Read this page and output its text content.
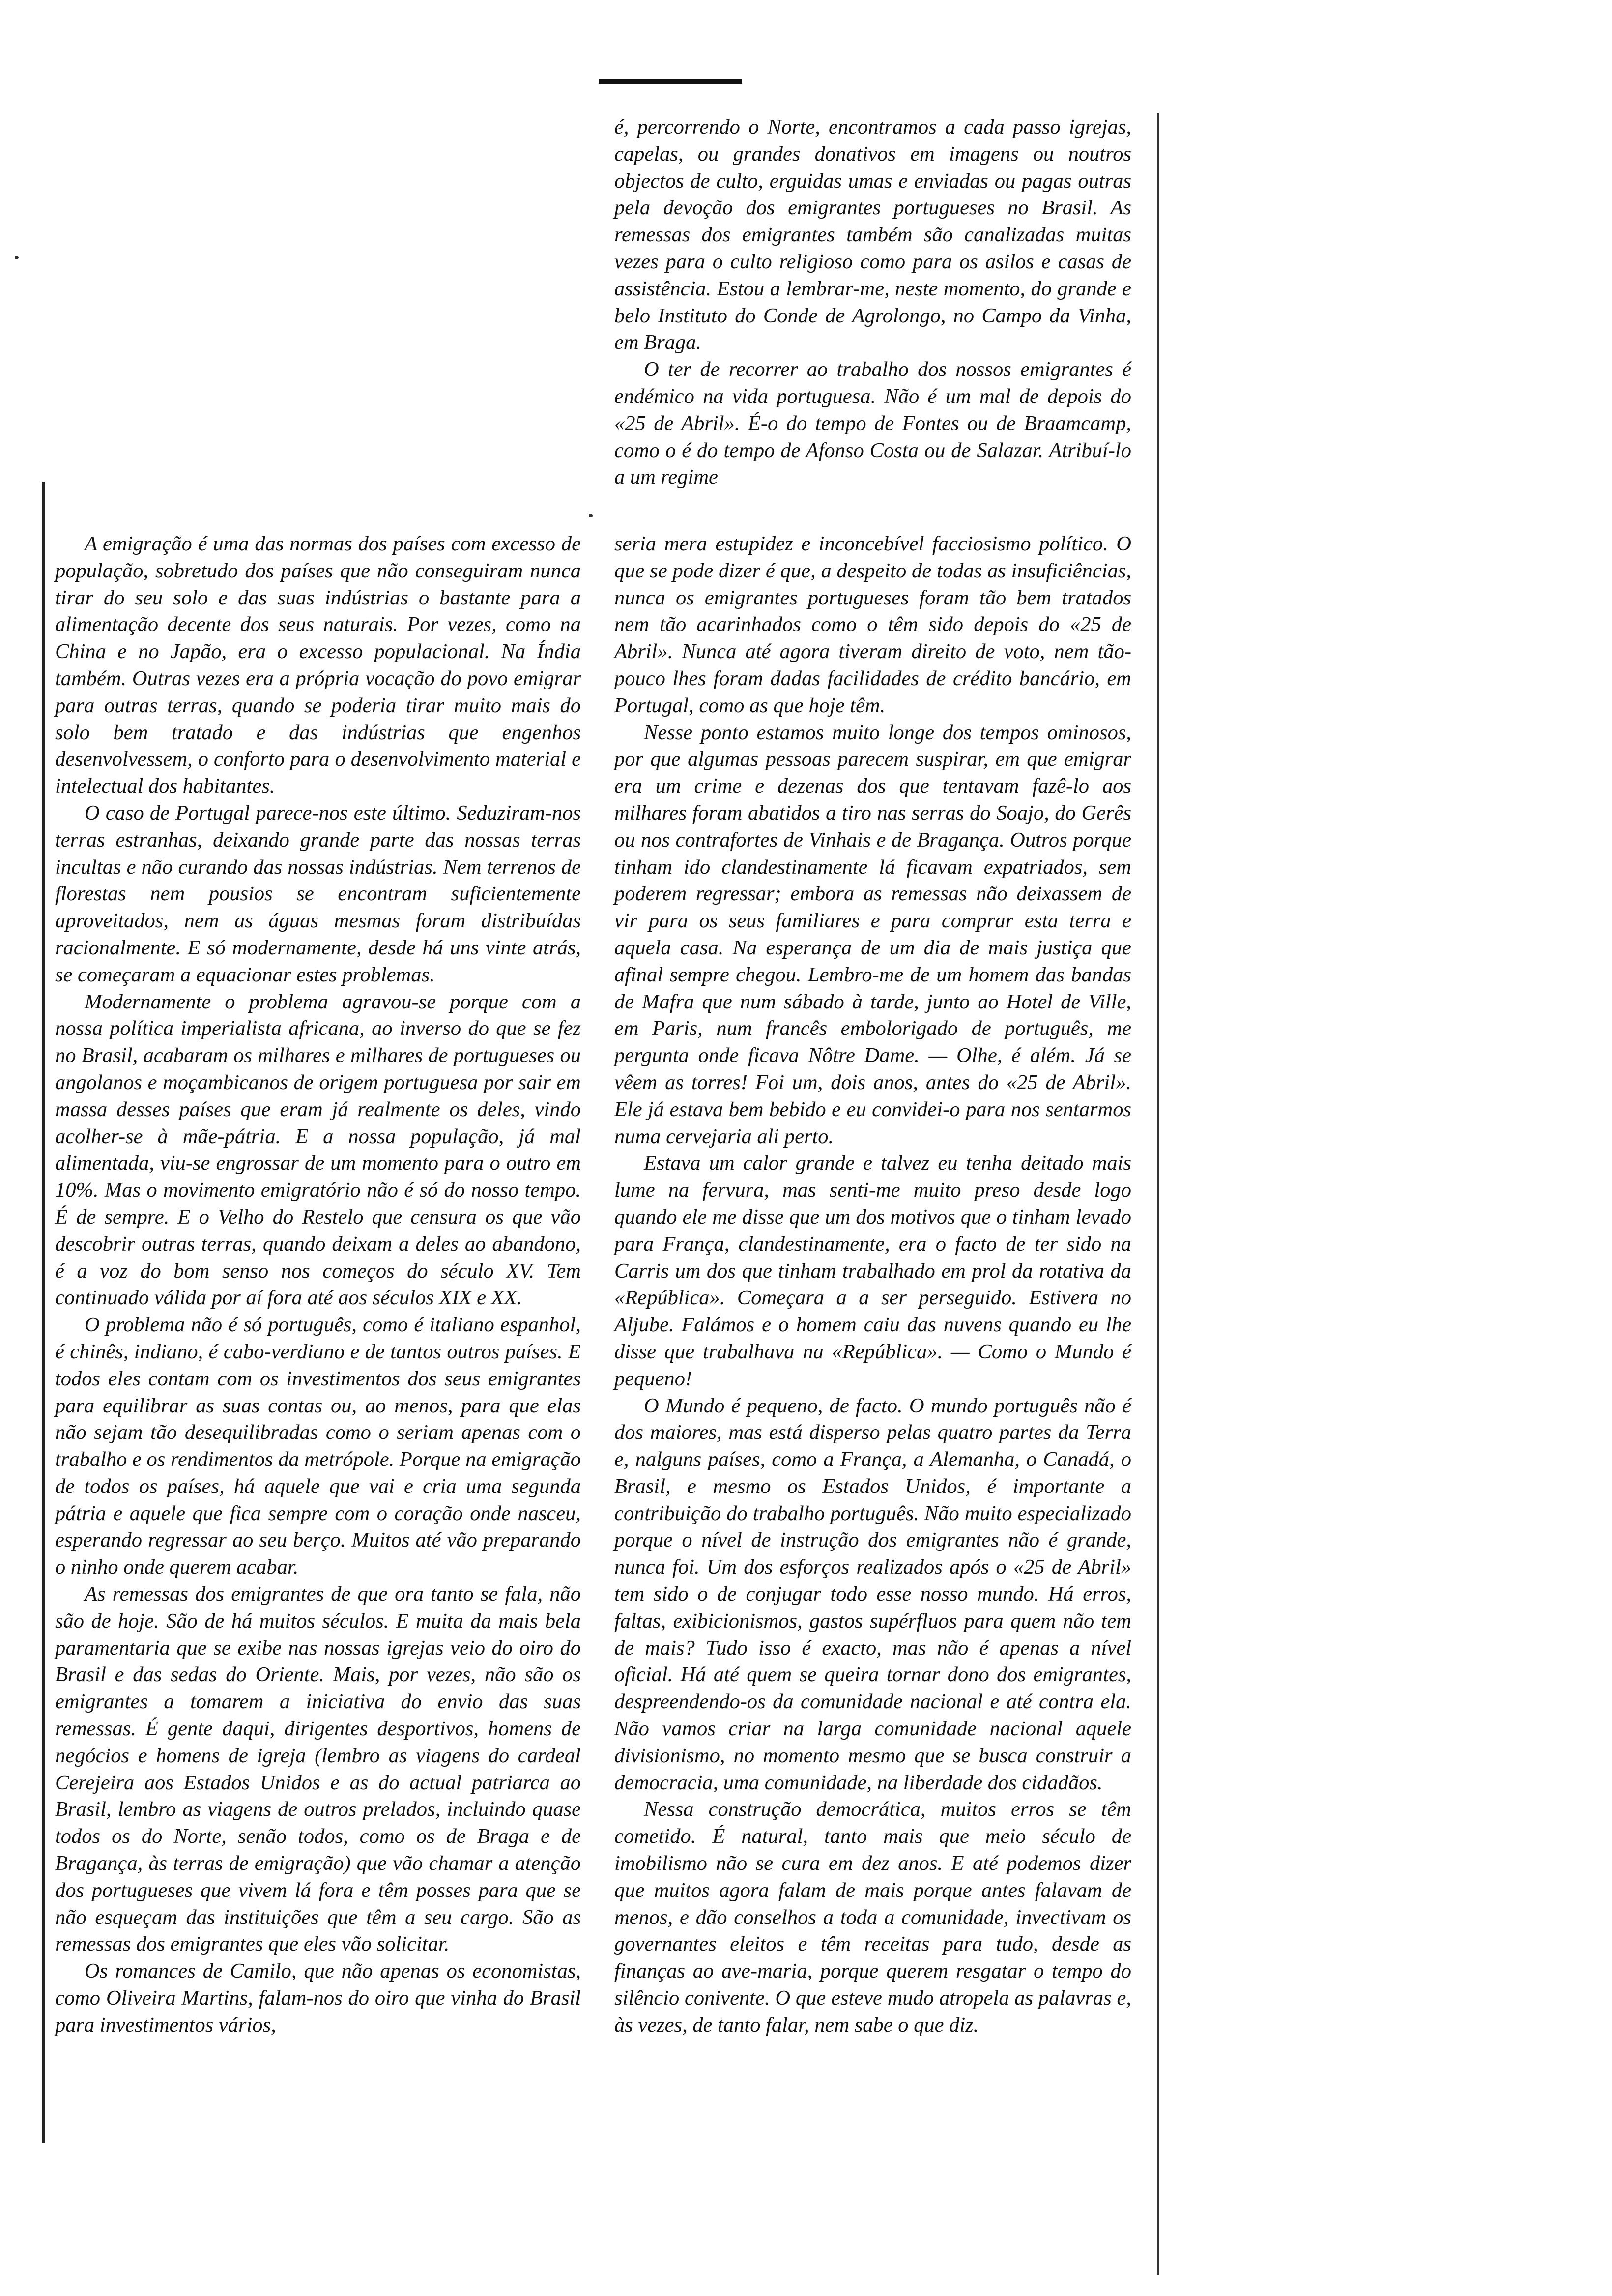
é, percorrendo o Norte, encontramos a cada passo igrejas, capelas, ou grandes donativos em imagens ou noutros objectos de culto, erguidas umas e enviadas ou pagas outras pela devoção dos emigrantes portugueses no Brasil. As remessas dos emigrantes também são canalizadas muitas vezes para o culto religioso como para os asilos e casas de assistência. Estou a lembrar-me, neste momento, do grande e belo Instituto do Conde de Agrolongo, no Campo da Vinha, em Braga.

O ter de recorrer ao trabalho dos nossos emigrantes é endémico na vida portuguesa. Não é um mal de depois do «25 de Abril». É-o do tempo de Fontes ou de Braamcamp, como o é do tempo de Afonso Costa ou de Salazar. Atribuí-lo a um regime

A emigração é uma das normas dos países com excesso de população, sobretudo dos países que não conseguiram nunca tirar do seu solo e das suas indústrias o bastante para a alimentação decente dos seus naturais. Por vezes, como na China e no Japão, era o excesso populacional. Na Índia também. Outras vezes era a própria vocação do povo emigrar para outras terras, quando se poderia tirar muito mais do solo bem tratado e das indústrias que engenhos desenvolvessem, o conforto para o desenvolvimento material e intelectual dos habitantes.

O caso de Portugal parece-nos este último. Seduziram-nos terras estranhas, deixando grande parte das nossas terras incultas e não curando das nossas indústrias. Nem terrenos de florestas nem pousios se encontram suficientemente aproveitados, nem as águas mesmas foram distribuídas racionalmente. E só modernamente, desde há uns vinte atrás, se começaram a equacionar estes problemas.

Modernamente o problema agravou-se porque com a nossa política imperialista africana, ao inverso do que se fez no Brasil, acabaram os milhares e milhares de portugueses ou angolanos e moçambicanos de origem portuguesa por sair em massa desses países que eram já realmente os deles, vindo acolher-se à mãe-pátria. E a nossa população, já mal alimentada, viu-se engrossar de um momento para o outro em 10%. Mas o movimento emigratório não é só do nosso tempo. É de sempre. E o Velho do Restelo que censura os que vão descobrir outras terras, quando deixam a deles ao abandono, é a voz do bom senso nos começos do século XV. Tem continuado válida por aí fora até aos séculos XIX e XX.

O problema não é só português, como é italiano espanhol, é chinês, indiano, é cabo-verdiano e de tantos outros países. E todos eles contam com os investimentos dos seus emigrantes para equilibrar as suas contas ou, ao menos, para que elas não sejam tão desequilibradas como o seriam apenas com o trabalho e os rendimentos da metrópole. Porque na emigração de todos os países, há aquele que vai e cria uma segunda pátria e aquele que fica sempre com o coração onde nasceu, esperando regressar ao seu berço. Muitos até vão preparando o ninho onde querem acabar.

As remessas dos emigrantes de que ora tanto se fala, não são de hoje. São de há muitos séculos. E muita da mais bela paramentaria que se exibe nas nossas igrejas veio do oiro do Brasil e das sedas do Oriente. Mais, por vezes, não são os emigrantes a tomarem a iniciativa do envio das suas remessas. É gente daqui, dirigentes desportivos, homens de negócios e homens de igreja (lembro as viagens do cardeal Cerejeira aos Estados Unidos e as do actual patriarca ao Brasil, lembro as viagens de outros prelados, incluindo quase todos os do Norte, senão todos, como os de Braga e de Bragança, às terras de emigração) que vão chamar a atenção dos portugueses que vivem lá fora e têm posses para que se não esqueçam das instituições que têm a seu cargo. São as remessas dos emigrantes que eles vão solicitar.

Os romances de Camilo, que não apenas os economistas, como Oliveira Martins, falam-nos do oiro que vinha do Brasil para investimentos vários,

seria mera estupidez e inconcebível facciosismo político. O que se pode dizer é que, a despeito de todas as insuficiências, nunca os emigrantes portugueses foram tão bem tratados nem tão acarinhados como o têm sido depois do «25 de Abril». Nunca até agora tiveram direito de voto, nem tão-pouco lhes foram dadas facilidades de crédito bancário, em Portugal, como as que hoje têm.

Nesse ponto estamos muito longe dos tempos ominosos, por que algumas pessoas parecem suspirar, em que emigrar era um crime e dezenas dos que tentavam fazê-lo aos milhares foram abatidos a tiro nas serras do Soajo, do Gerês ou nos contrafortes de Vinhais e de Bragança. Outros porque tinham ido clandestinamente lá ficavam expatriados, sem poderem regressar; embora as remessas não deixassem de vir para os seus familiares e para comprar esta terra e aquela casa. Na esperança de um dia de mais justiça que afinal sempre chegou. Lembro-me de um homem das bandas de Mafra que num sábado à tarde, junto ao Hotel de Ville, em Paris, num francês embolorigado de português, me pergunta onde ficava Nôtre Dame. — Olhe, é além. Já se vêem as torres! Foi um, dois anos, antes do «25 de Abril». Ele já estava bem bebido e eu convidei-o para nos sentarmos numa cervejaria ali perto.

Estava um calor grande e talvez eu tenha deitado mais lume na fervura, mas senti-me muito preso desde logo quando ele me disse que um dos motivos que o tinham levado para França, clandestinamente, era o facto de ter sido na Carris um dos que tinham trabalhado em prol da rotativa da «República». Começara a a ser perseguido. Estivera no Aljube. Falámos e o homem caiu das nuvens quando eu lhe disse que trabalhava na «República». — Como o Mundo é pequeno!

O Mundo é pequeno, de facto. O mundo português não é dos maiores, mas está disperso pelas quatro partes da Terra e, nalguns países, como a França, a Alemanha, o Canadá, o Brasil, e mesmo os Estados Unidos, é importante a contribuição do trabalho português. Não muito especializado porque o nível de instrução dos emigrantes não é grande, nunca foi. Um dos esforços realizados após o «25 de Abril» tem sido o de conjugar todo esse nosso mundo. Há erros, faltas, exibicionismos, gastos supérfluos para quem não tem de mais? Tudo isso é exacto, mas não é apenas a nível oficial. Há até quem se queira tornar dono dos emigrantes, despreendendo-os da comunidade nacional e até contra ela. Não vamos criar na larga comunidade nacional aquele divisionismo, no momento mesmo que se busca construir a democracia, uma comunidade, na liberdade dos cidadãos.

Nessa construção democrática, muitos erros se têm cometido. É natural, tanto mais que meio século de imobilismo não se cura em dez anos. E até podemos dizer que muitos agora falam de mais porque antes falavam de menos, e dão conselhos a toda a comunidade, invectivam os governantes eleitos e têm receitas para tudo, desde as finanças ao ave-maria, porque querem resgatar o tempo do silêncio conivente. O que esteve mudo atropela as palavras e, às vezes, de tanto falar, nem sabe o que diz.
